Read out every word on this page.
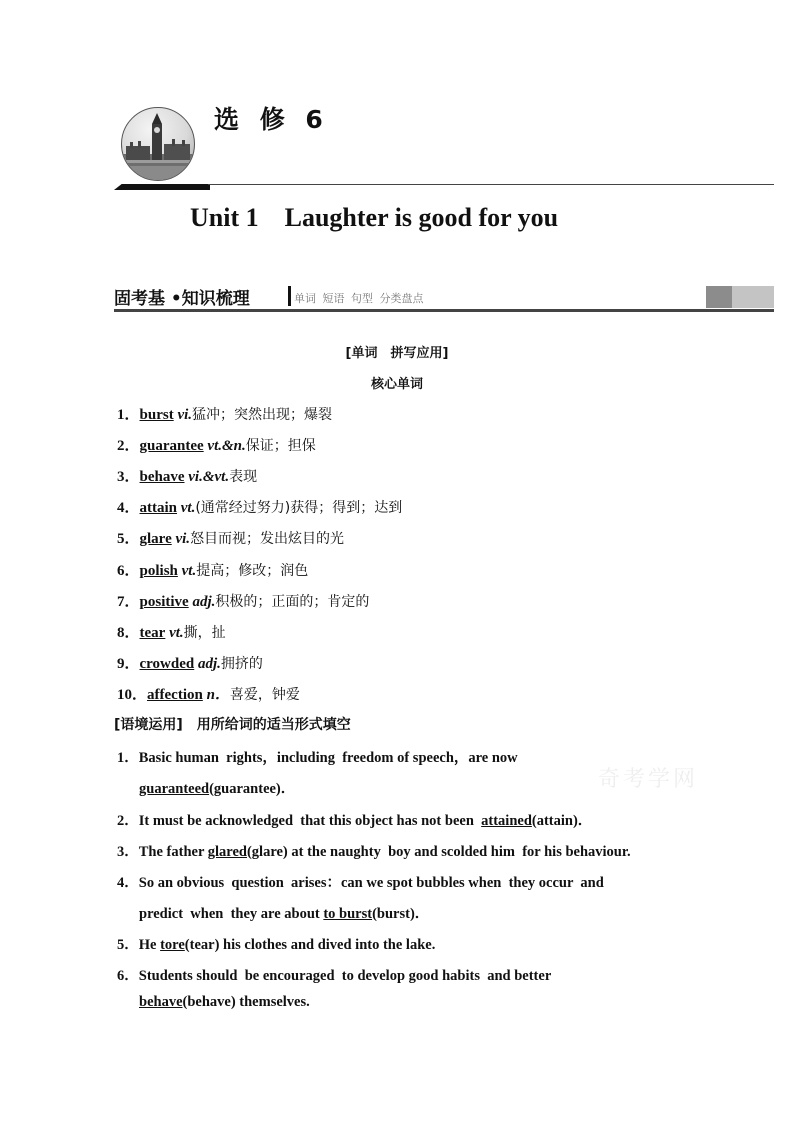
选 修 6
Unit 1    Laughter is good for you
固考基 •知识梳理	单词 短语 句型 分类盘点
[单词　拼写应用]
核心单词
1．burst vi.猛冲；突然出现；爆裂
2．guarantee vt.&n.保证；担保
3．behave vi.&vt.表现
4．attain vt.(通常经过努力)获得；得到；达到
5．glare vi.怒目而视；发出炫目的光
6．polish vt.提高；修改；润色
7．positive adj.积极的；正面的；肯定的
8．tear vt.撕，扯
9．crowded adj.拥挤的
10．affection n．喜爱，钟爱
[语境运用]　用所给词的适当形式填空
1．Basic human  rights，including  freedom of speech，are now
guaranteed(guarantee)．
2．It must be acknowledged  that this object has not been  attained(attain)．
3．The father glared(glare) at the naughty  boy and scolded him  for his behaviour.
4．So an obvious  question  arises：can we spot bubbles when  they occur  and
predict  when  they are about to burst(burst)．
5．He tore(tear) his clothes and dived into the lake.
6．Students should  be encouraged  to develop good habits  and better
behave(behave) themselves.
奇考学网
